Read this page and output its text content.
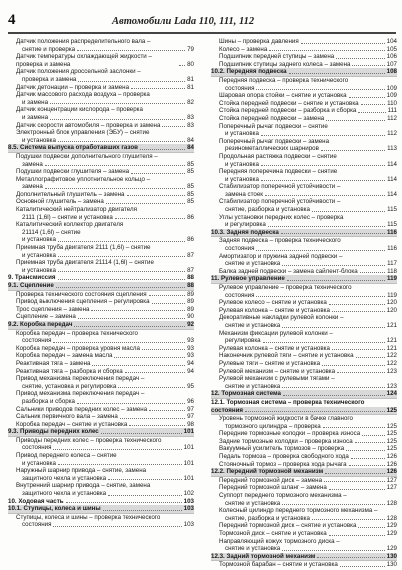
4	Автомобили Lada 110, 111, 112
Датчик положения распределительного вала –
снятие и проверка	79
Датчик температуры охлаждающей жидкости – проверка и замена	80
Датчик положения дроссельной заслонки –
проверка и замена	81
Датчик детонации – проверка и замена	81
Датчик массового расхода воздуха – проверка
и замена	82
Датчик концентрации кислорода – проверка
и замена	83
Датчик скорости автомобиля – проверка и замена	83
Электронный блок управления (ЭБУ) – снятие
и установка	84
8.5. Система выпуска отработавших газов	84
Подушки подвески дополнительного глушителя –
замена	85
Подушки подвески глушителя – замена	85
Металлографитовое уплотнительное кольцо –
замена	85
Дополнительный глушитель – замена	85
Основной глушитель – замена	85
Каталитический нейтрализатор двигателя
2111 (1,6l) – снятие и установка	86
Каталитический коллектор двигателя
21114 (1,6l) – снятие
и установка	86
Приемная труба двигателя 2111 (1,6l) – снятие
и установка	87
Приемная труба двигателя 21114 (1,6l) – снятие
и установка	87
9. Трансмиссия	88
9.1. Сцепление	88
Проверка технического состояния сцепления	89
Привод выключения сцепления – регулировка	89
Трос сцепления – замена	89
Сцепление – замена	90
9.2. Коробка передач	92
Коробка передач – проверка технического
состояния	93
Коробка передач – проверка уровня масла	93
Коробка передач – замена масла	93
Реактивная тяга – замена	94
Реактивная тяга – разборка и сборка	94
Привод механизма переключения передач –
снятие, установка и регулировка	95
Привод механизма переключения передач –
разборка и сборка	96
Сальники приводов передних колес – замена	97
Сальник первичного вала – замена	97
Коробка передач – снятие и установка	98
9.3. Приводы передних колес	101
Приводы передних колес – проверка технического
состояния	101
Привод переднего колеса – снятие
и установка	101
Наружный шарнир привода – снятие, замена
защитного чехла и установка	101
Внутренний шарнир привода – снятие, замена
защитного чехла и установка	102
10. Ходовая часть	103
10.1. Ступицы, колеса и шины	103
Ступицы, колеса и шины – проверка технического
состояния	103
Шины – проверка давления	104
Колесо – замена	105
Подшипник передней ступицы – замена	106
Подшипник ступицы заднего колеса – замена	107
10.2. Передняя подвеска	108
Передняя подвеска – проверка технического
состояния	109
Шаровая опора стойки – снятие и установка	109
Стойка передней подвески – снятие и установка	110
Стойка передней подвески – разборка и сборка	111
Стойка передней подвески – замена	112
Поперечный рычаг подвески – снятие
и установка	112
Поперечный рычаг подвески – замена
резинометаллических шарниров	113
Продольная растяжка подвески – снятие
и установка	114
Передняя поперечина подвески – снятие
и установка	114
Стабилизатор поперечной устойчивости –
замена стоек	114
Стабилизатор поперечной устойчивости –
снятие, разборка и установка	115
Углы установки передних колес – проверка
и регулировка	115
10.3. Задняя подвеска	116
Задняя подвеска – проверка технического
состояния	116
Амортизатор и пружина задней подвески –
снятие и установка	117
Балка задней подвески – замена сайлент-блока	118
11. Рулевое управление	119
Рулевое управление – проверка технического
состояния	119
Рулевое колесо – снятие и установка	120
Рулевая колонка – снятие и установка	120
Декоративные накладки рулевой колонки –
снятие и установка	121
Механизм фиксации рулевой колонки –
регулировка	121
Рулевая колонка – снятие и установка	121
Наконечник рулевой тяги – снятие и установка	122
Рулевые тяги – снятие и установка	122
Рулевой механизм – снятие и установка	123
Рулевой механизм с рулевыми тягами –
снятие и установка	123
12. Тормозная система	124
12.1. Тормозная система – проверка технического
состояния	125
Уровень тормозной жидкости в бачке главного
тормозного цилиндра – проверка	125
Передние тормозные колодки – проверка износа	125
Задние тормозные колодки – проверка износа	125
Вакуумный усилитель тормозов – проверка	125
Педаль тормоза – проверка свободного хода	126
Стояночный тормоз – проверка хода рычага	126
12.2. Передний тормозной механизм	126
Передний тормозной диск – замена	127
Передний тормозной шланг – замена	127
Суппорт переднего тормозного механизма –
снятие и установка	128
Колесный цилиндр переднего тормозного механизма –
снятие, разборка и установка	128
Передний тормозной диск – снятие и установка	129
Тормозной диск – снятие и установка	129
Направляющий кожух тормозного диска –
снятие и установка	129
12.3. Задний тормозной механизм	130
Тормозной барабан – снятие и установка	130
